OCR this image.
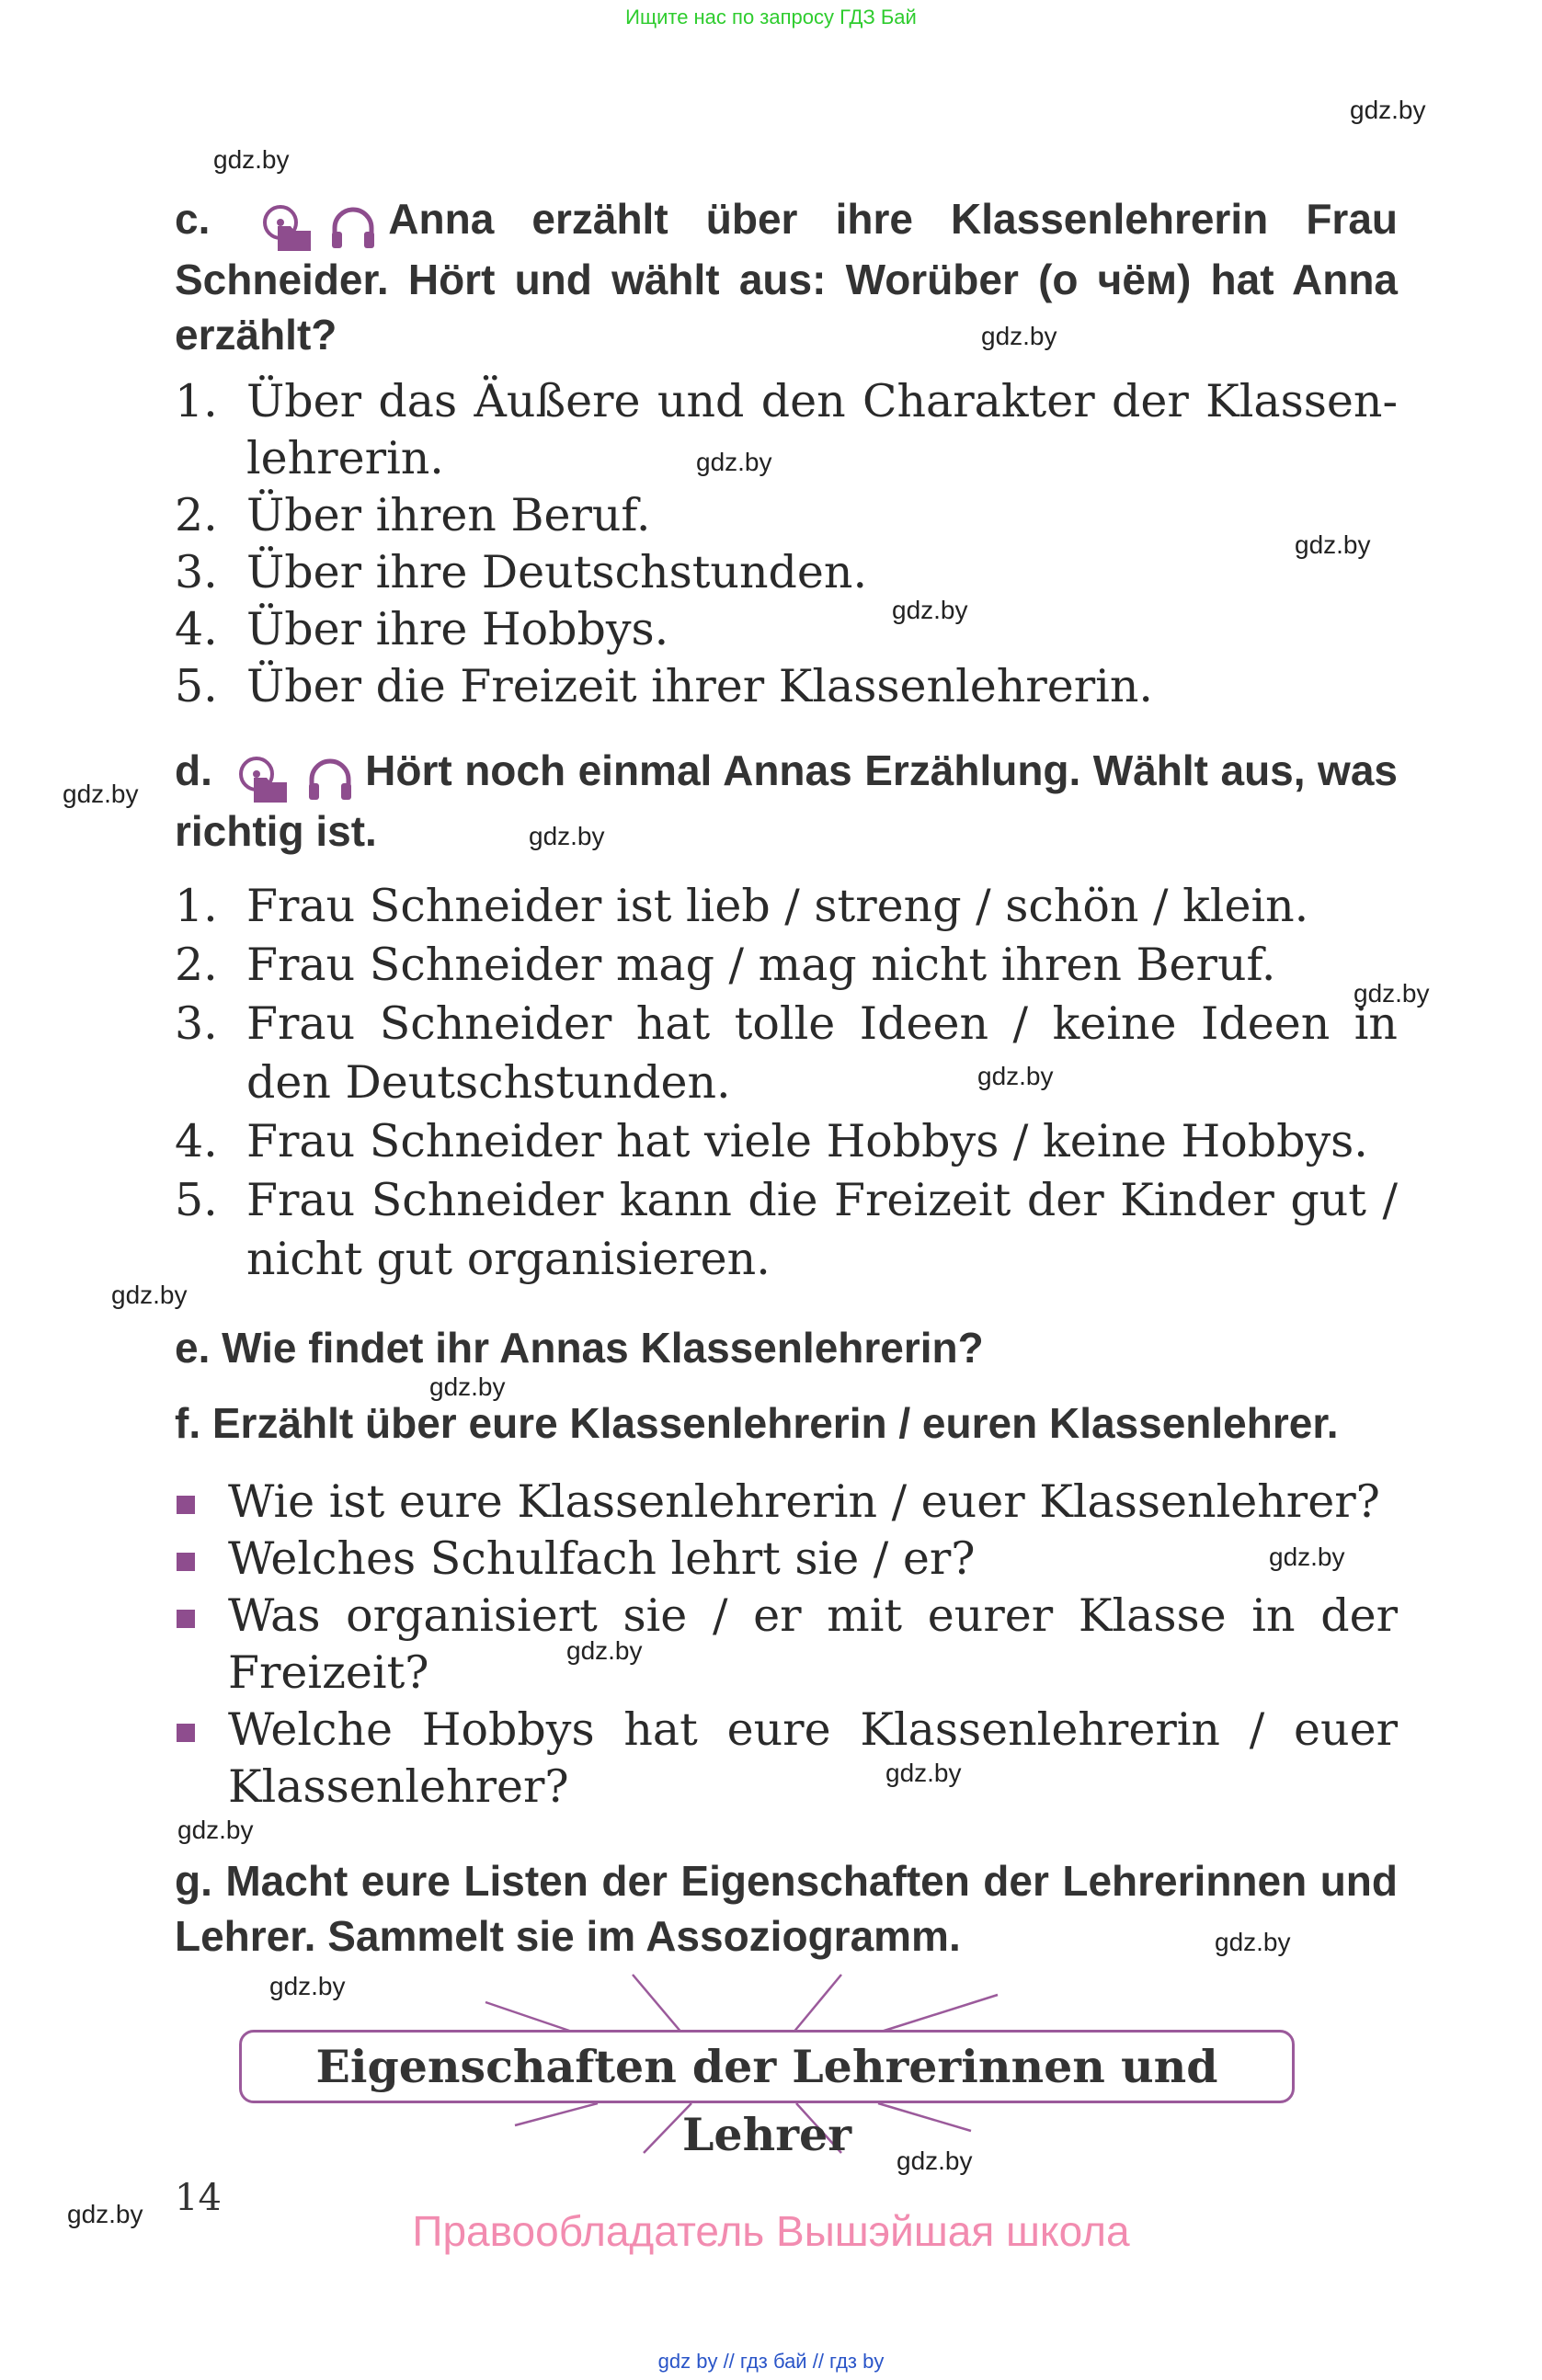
Ищите нас по запросу ГДЗ Бай
gdz.by
gdz.by
gdz.by
gdz.by
gdz.by
gdz.by
gdz.by
gdz.by
gdz.by
gdz.by
gdz.by
gdz.by
gdz.by
gdz.by
gdz.by
gdz.by
gdz.by
gdz.by
gdz.by
gdz.by
c.	Anna erzählt über ihre Klassenlehrerin Frau Schneider. Hört und wählt aus: Worüber (о чём) hat Anna erzählt?
1. Über das Äußere und den Charakter der Klassenlehrerin.
2. Über ihren Beruf.
3. Über ihre Deutschstunden.
4. Über ihre Hobbys.
5. Über die Freizeit ihrer Klassenlehrerin.
d.	Hört noch einmal Annas Erzählung. Wählt aus, was richtig ist.
1. Frau Schneider ist lieb / streng / schön / klein.
2. Frau Schneider mag / mag nicht ihren Beruf.
3. Frau Schneider hat tolle Ideen / keine Ideen in den Deutschstunden.
4. Frau Schneider hat viele Hobbys / keine Hobbys.
5. Frau Schneider kann die Freizeit der Kinder gut / nicht gut organisieren.
e. Wie findet ihr Annas Klassenlehrerin?
f. Erzählt über eure Klassenlehrerin / euren Klassenlehrer.
Wie ist eure Klassenlehrerin / euer Klassenlehrer?
Welches Schulfach lehrt sie / er?
Was organisiert sie / er mit eurer Klasse in der Freizeit?
Welche Hobbys hat eure Klassenlehrerin / euer Klassenlehrer?
g. Macht eure Listen der Eigenschaften der Lehrerinnen und Lehrer. Sammelt sie im Assoziogramm.
Eigenschaften der Lehrerinnen und Lehrer
14
Правообладатель Вышэйшая школа
gdz by // гдз бай // гдз by
